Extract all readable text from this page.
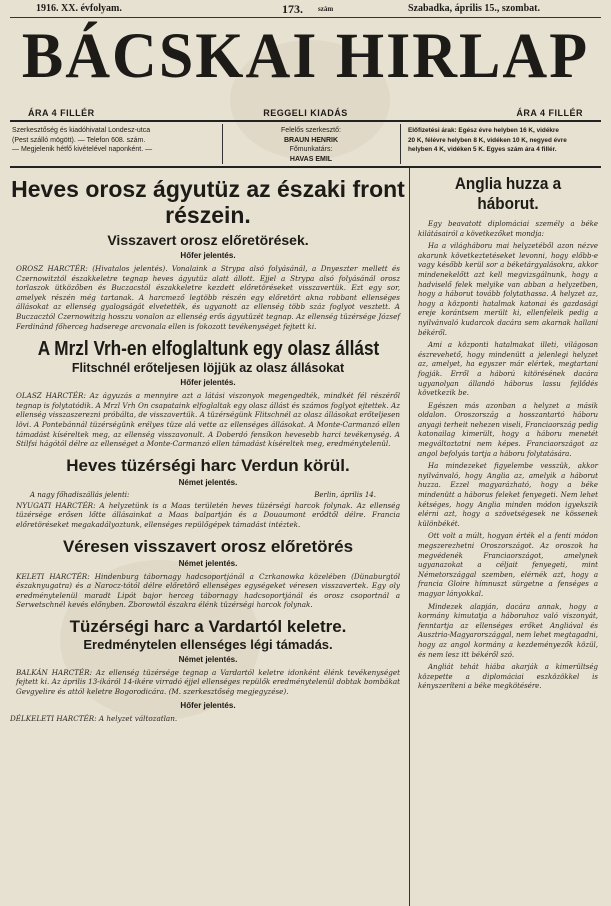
1916. XX. évfolyam.	173. szám	Szabadka, április 15., szombat.
BÁCSKAI HIRLAP
ÁRA 4 FILLÉR	REGGELI KIADÁS	ÁRA 4 FILLÉR
Szerkesztőség és kiadóhivatal Londesz-utca
(Pest szálló mögött). — Telefon 608. szám.
— Megjelenik hétfő kivételével naponként. —
Felelős szerkesztő:
BRAUN HENRIK
Főmunkatárs:
HAVAS EMIL
Előfizetési árak: Egész évre helyben 16 K, vidékre
20 K, félévre helyben 8 K, vidéken 10 K, negyed évre
helyben 4 K, vidéken 5 K. Egyes szám ára 4 fillér.
Heves orosz ágyutüz az északi front részein.
Visszavert orosz előretörések.
Hőfer jelentés.

OROSZ HARCTÉR: (Hivatalos jelentés). Vonalaink a Strypa alsó folyásánál, a Dnyeszter mellett és Czernowitztól északkeletre tegnap heves ágyutüz alatt állott. Ejjel a Strypa alsó folyásánál orosz torlaszok ütközőben és Buczacstól északkeletre kezdett előretöréseket visszavertük. Ezt egy sor, amelyek részén még tartanak. A harcmező legtöbb részén egy előretört akna robbant ellenséges állásokat az ellenség gyalogságát elvetették, és ugyanott az ellenség több száz foglyot vesztett. A Buczacztól Czernowitzig hosszu vonalon az ellenség erős ágyutüzét tegnap. Az ellenség tüzérsége József Ferdinánd főherceg hadserege arcvonala ellen is fokozott tevékenységet fejtett ki.

A Mrzl Vrh-en elfoglaltunk egy olasz állást
Flitschnél erőteljesen löjjük az olasz állásokat
Hőfer jelentés.

OLASZ HARCTÉR: Az ágyuzás a mennyire azt a látási viszonyok megengedték, mindkét fél részéről tegnap is folytatódik. A Mrzl Vrh On csapataink elfoglaltak egy olasz állást és számos foglyot ejtettek. Az ellenség visszaszerezni próbálta, de visszavertük. A tüzérségünk Flitschnél az olasz állásokat erőteljesen lövi. A Pontebánnál tüzérségünk erélyes tüze alá vette az ellenséges állásokat. A Monte-Carmanzó ellen támadást kíséreltek meg, az ellenség visszavonult. A Doberdó fensíkon hevesebb harci tevékenység. A Stilfsi hágótól délre az ellenséget a Monte-Carmanzó ellen támadást kíséreltek meg, eredménytelenül.

Heves tüzérségi harc Verdun körül.
Német jelentés.
A nagy főhadiszállás jelenti:	Berlin, április 14.

NYUGATI HARCTÉR: A helyzetünk is a Maas területén heves tüzérségi harcok folynak. Az ellenség tüzérsége erősen lőtte állásainkat a Maas balpartján és a Douaumont erődtől délre. Francia előretöréseket megakadályoztunk, ellenséges repülőgépek támadást intéztek.

Véresen visszavert orosz előretörés
Német jelentés.

KELETI HARCTÉR: Hindenburg tábornagy hadcsoportjánál a Czrkanowka közelében (Dünaburgtól északnyugatra) és a Narocz-tótól délre előretörő ellenséges egységeket véresen visszavertek. Egy oly eredménytelenül maradt Lipót bajor herceg tábornagy hadcsoportjánál és orosz csoportnál a Serwetschnél kevés előnyben. Zborowtól északra élénk tüzérségi harcok folynak.

Tüzérségi harc a Vardartól keletre.
Eredménytelen ellenséges légi támadás.
Német jelentés.

BALKÁN HARCTÉR: Az ellenség tüzérsége tegnap a Vardartól keletre idonként élénk tevékenységet fejtett ki. Az április 13-ikáról 14-ikére virradó éjjel ellenséges repülők eredménytelenül dobtak bombákat Gevgyelire és attól keletre Bogorodicára. (M. szerkesztőség megjegyzése).

Hőfer jelentés.

DÉLKELETI HARCTÉR: A helyzet változatlan.

Anglia huzza a háborut.

Egy beavatott diplomáciai személy a béke kilátásairól a következőket mondja:

Ha a világháboru mai helyzetéből azon nézve akarunk következtetéseket levonni, hogy előbb-e vagy később kerül sor a béketárgyalásokra, akkor mindenekelőtt azt kell megvizsgálnunk, hogy a hadviselő felek melyike van abban a helyzetben, hogy a háborut tovább folytathassa. A helyzet az, hogy a központi hatalmak katonai és gazdasági ereje korántsem merült ki, ellenfeleik pedig a nyilvánvaló kudarcok dacára sem akarnak hallani békéről.

Ami a központi hatalmakat illeti, világosan észrevehető, hogy mindenütt a jelenlegi helyzet az, amelyet, ha egyszer már elértek, megtartani fogják. Erről a háború kitörésének dacára ugyanolyan állandó háborus lassu fejlődés következik be.

Egészen más azonban a helyzet a másik oldalon. Oroszország a hosszantartó háboru anyagi terheit nehezen viseli, Franciaország pedig katonailag kimerült, hogy a háboru menetét megváltoztatni nem képes. Franciaországot az angol befolyás tartja a háboru folytatására.

Ha mindezeket figyelembe vesszük, akkor nyilvánvaló, hogy Anglia az, amelyik a háborut huzza. Ezzel magyarázható, hogy a béke mindenütt a háborus feleket fenyegeti. Nem lehet kétséges, hogy Anglia minden módon igyekszik elérni azt, hogy a szövetségesek ne kössenek különbékét.

Ott volt a múlt, hogyan érték el a fenti módon megszerezhetni Oroszországot. Az oroszok ha megvédenék Franciaországot, amelynek ugyanazokat a céljait fenyegeti, mint Németországgal szemben, elérnék azt, hogy a francia Gloire hímnuszt sürgetne a fenséges a magyar lányokkal.

Mindezek alapján, dacára annak, hogy a kormány kimutatja a háboruhoz való viszonyát, fenntartja az ellenséges erőket Angliával és Ausztria-Magyarországgal, nem lehet megtagadni, hogy az angol kormány a kezdeményezők közül, és nem lesz itt békéről szó.

Angliát tehát hiába akarják a kimerültség közepette a diplomáciai eszközökkel is kényszeríteni a béke megkötésére.
